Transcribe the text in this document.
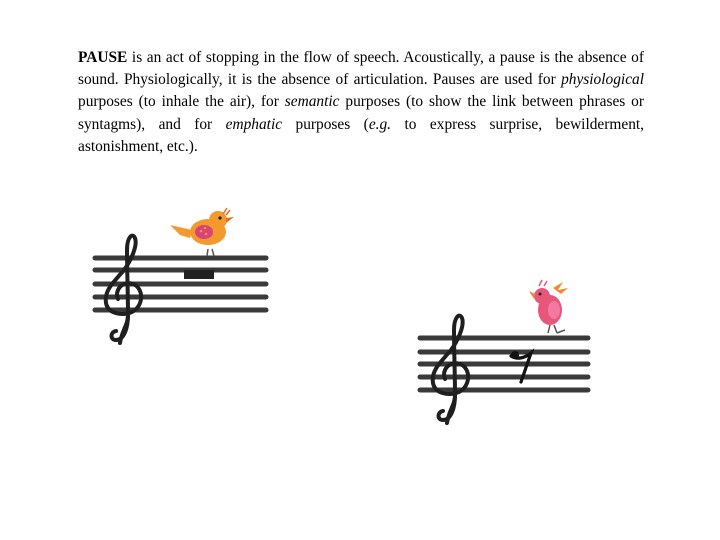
PAUSE is an act of stopping in the flow of speech. Acoustically, a pause is the absence of sound. Physiologically, it is the absence of articulation. Pauses are used for physiological purposes (to inhale the air), for semantic purposes (to show the link between phrases or syntagms), and for emphatic purposes (e.g. to express surprise, bewilderment, astonishment, etc.).
